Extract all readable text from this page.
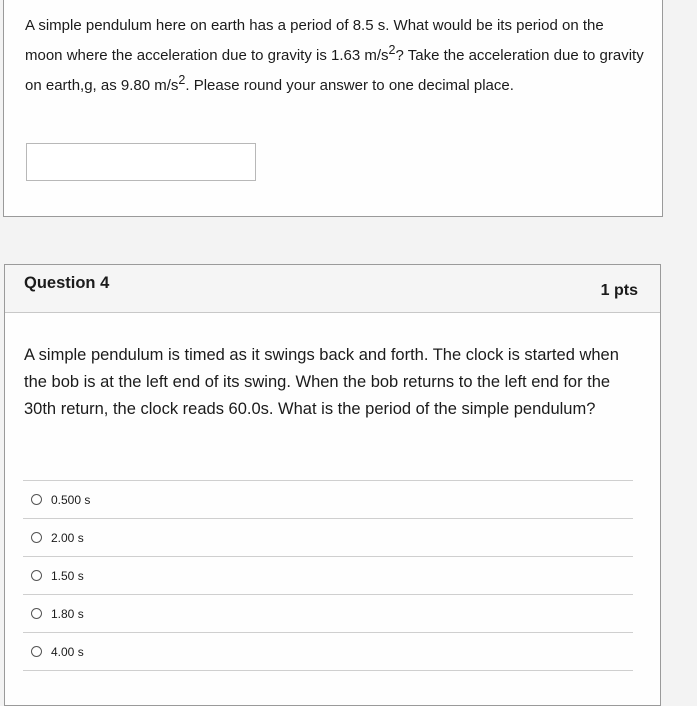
A simple pendulum here on earth has a period of 8.5 s. What would be its period on the moon where the acceleration due to gravity is 1.63 $m/s^2$? Take the acceleration due to gravity on earth,g, as 9.80 $m/s^2$. Please round your answer to one decimal place.

Question 4	1 pts

A simple pendulum is timed as it swings back and forth. The clock is started when the bob is at the left end of its swing. When the bob returns to the left end for the 30th return, the clock reads 60.0s. What is the period of the simple pendulum?

0.500 s
2.00 s
1.50 s
1.80 s
4.00 s
